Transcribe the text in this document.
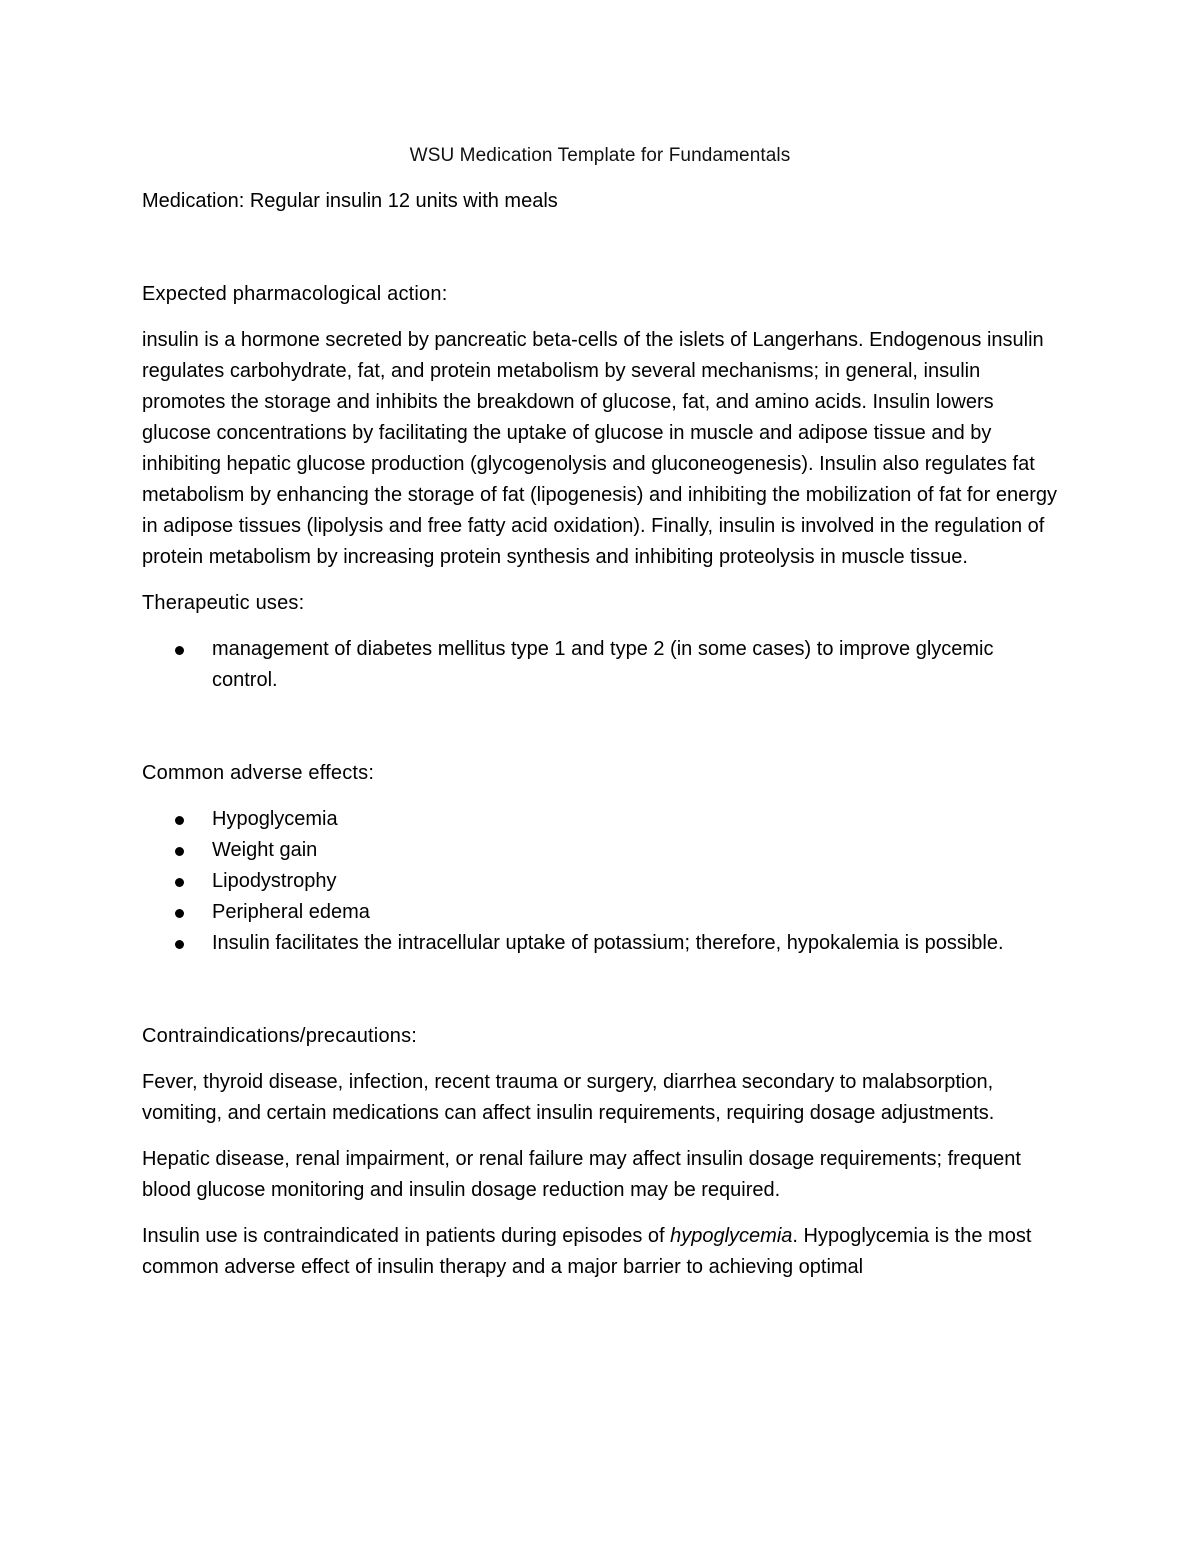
WSU Medication Template for Fundamentals

Medication: Regular insulin 12 units with meals

Expected pharmacological action:

insulin is a hormone secreted by pancreatic beta-cells of the islets of Langerhans. Endogenous insulin regulates carbohydrate, fat, and protein metabolism by several mechanisms; in general, insulin promotes the storage and inhibits the breakdown of glucose, fat, and amino acids. Insulin lowers glucose concentrations by facilitating the uptake of glucose in muscle and adipose tissue and by inhibiting hepatic glucose production (glycogenolysis and gluconeogenesis). Insulin also regulates fat metabolism by enhancing the storage of fat (lipogenesis) and inhibiting the mobilization of fat for energy in adipose tissues (lipolysis and free fatty acid oxidation). Finally, insulin is involved in the regulation of protein metabolism by increasing protein synthesis and inhibiting proteolysis in muscle tissue.

Therapeutic uses:

management of diabetes mellitus type 1 and type 2 (in some cases) to improve glycemic control.

Common adverse effects:

Hypoglycemia
Weight gain
Lipodystrophy
Peripheral edema
Insulin facilitates the intracellular uptake of potassium; therefore, hypokalemia is possible.

Contraindications/precautions:

Fever, thyroid disease, infection, recent trauma or surgery, diarrhea secondary to malabsorption, vomiting, and certain medications can affect insulin requirements, requiring dosage adjustments.

Hepatic disease, renal impairment, or renal failure may affect insulin dosage requirements; frequent blood glucose monitoring and insulin dosage reduction may be required.

Insulin use is contraindicated in patients during episodes of hypoglycemia. Hypoglycemia is the most common adverse effect of insulin therapy and a major barrier to achieving optimal
